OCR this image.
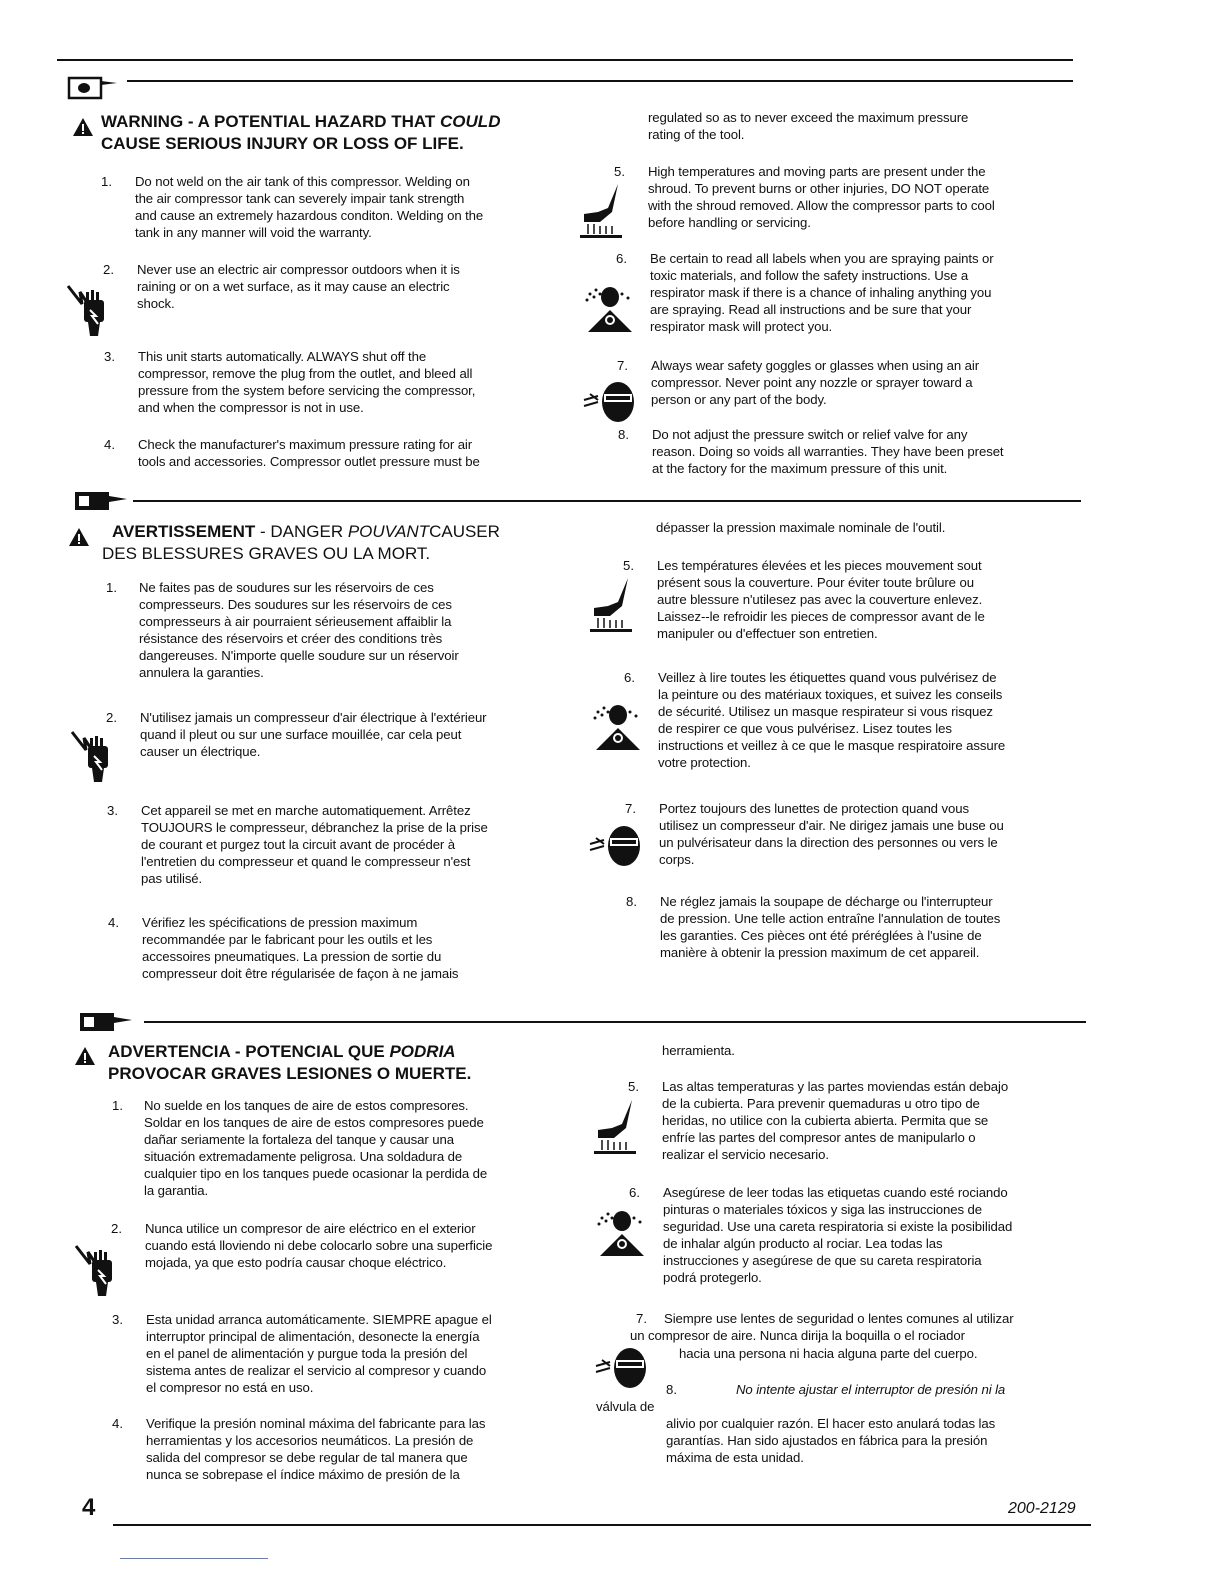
WARNING - A POTENTIAL HAZARD THAT COULD
CAUSE SERIOUS INJURY OR LOSS OF LIFE.
1. Do not weld on the air tank of this compressor. Welding on
the air compressor tank can severely impair tank strength
and cause an extremely hazardous conditon. Welding on the
tank in any manner will void the warranty.
2. Never use an electric air compressor outdoors when it is
raining or on a wet surface, as it may cause an electric
shock.
3. This unit starts automatically. ALWAYS shut off the
compressor, remove the plug from the outlet, and bleed all
pressure from the system before servicing the compressor,
and when the compressor is not in use.
4. Check the manufacturer's maximum pressure rating for air
tools and accessories. Compressor outlet pressure must be
regulated so as to never exceed the maximum pressure
rating of the tool.
5. High temperatures and moving parts are present under the
shroud. To prevent burns or other injuries, DO NOT operate
with the shroud removed. Allow the compressor parts to cool
before handling or servicing.
6. Be certain to read all labels when you are spraying paints or
toxic materials, and follow the safety instructions. Use a
respirator mask if there is a chance of inhaling anything you
are spraying. Read all instructions and be sure that your
respirator mask will protect you.
7. Always wear safety goggles or glasses when using an air
compressor. Never point any nozzle or sprayer toward a
person or any part of the body.
8. Do not adjust the pressure switch or relief valve for any
reason. Doing so voids all warranties. They have been preset
at the factory for the maximum pressure of this unit.
AVERTISSEMENT - DANGER POUVANTCAUSER
DES BLESSURES GRAVES OU LA MORT.
1. Ne faites pas de soudures sur les réservoirs de ces
compresseurs. Des soudures sur les réservoirs de ces
compresseurs à air pourraient sérieusement affaiblir la
résistance des réservoirs et créer des conditions très
dangereuses. N'importe quelle soudure sur un réservoir
annulera la garanties.
2. N'utilisez jamais un compresseur d'air électrique à l'extérieur
quand il pleut ou sur une surface mouillée, car cela peut
causer un électrique.
3. Cet appareil se met en marche automatiquement. Arrêtez
TOUJOURS le compresseur, débranchez la prise de la prise
de courant et purgez tout la circuit avant de procéder à
l'entretien du compresseur et quand le compresseur n'est
pas utilisé.
4. Vérifiez les spécifications de pression maximum
recommandée par le fabricant pour les outils et les
accessoires pneumatiques. La pression de sortie du
compresseur doit être régularisée de façon à ne jamais
dépasser la pression maximale nominale de l'outil.
5. Les températures élevées et les pieces mouvement sout
présent sous la couverture. Pour éviter toute brûlure ou
autre blessure n'utilesez pas avec la couverture enlevez.
Laissez--le refroidir les pieces de compressor avant de le
manipuler ou d'effectuer son entretien.
6. Veillez à lire toutes les étiquettes quand vous pulvérisez de
la peinture ou des matériaux toxiques, et suivez les conseils
de sécurité. Utilisez un masque respirateur si vous risquez
de respirer ce que vous pulvérisez. Lisez toutes les
instructions et veillez à ce que le masque respiratoire assure
votre protection.
7. Portez toujours des lunettes de protection quand vous
utilisez un compresseur d'air. Ne dirigez jamais une buse ou
un pulvérisateur dans la direction des personnes ou vers le
corps.
8. Ne réglez jamais la soupape de décharge ou l'interrupteur
de pression. Une telle action entraîne l'annulation de toutes
les garanties. Ces pièces ont été préréglées à l'usine de
manière à obtenir la pression maximum de cet appareil.
ADVERTENCIA - POTENCIAL QUE PODRIA
PROVOCAR GRAVES LESIONES O MUERTE.
1. No suelde en los tanques de aire de estos compresores.
Soldar en los tanques de aire de estos compresores puede
dañar seriamente la fortaleza del tanque y causar una
situación extremadamente peligrosa. Una soldadura de
cualquier tipo en los tanques puede ocasionar la perdida de
la garantia.
2. Nunca utilice un compresor de aire eléctrico en el exterior
cuando está lloviendo ni debe colocarlo sobre una superficie
mojada, ya que esto podría causar choque eléctrico.
3. Esta unidad arranca automáticamente. SIEMPRE apague el
interruptor principal de alimentación, desonecte la energía
en el panel de alimentación y purgue toda la presión del
sistema antes de realizar el servicio al compresor y cuando
el compresor no está en uso.
4. Verifique la presión nominal máxima del fabricante para las
herramientas y los accesorios neumáticos. La presión de
salida del compresor se debe regular de tal manera que
nunca se sobrepase el índice máximo de presión de la
herramienta.
5. Las altas temperaturas y las partes moviendas están debajo
de la cubierta. Para prevenir quemaduras u otro tipo de
heridas, no utilice con la cubierta abierta. Permita que se
enfríe las partes del compresor antes de manipularlo o
realizar el servicio necesario.
6. Asegúrese de leer todas las etiquetas cuando esté rociando
pinturas o materiales tóxicos y siga las instrucciones de
seguridad. Use una careta respiratoria si existe la posibilidad
de inhalar algún producto al rociar. Lea todas las
instrucciones y asegúrese de que su careta respiratoria
podrá protegerlo.
7. Siempre use lentes de seguridad o lentes comunes al utilizar
un compresor de aire. Nunca dirija la boquilla o el rociador
hacia una persona ni hacia alguna parte del cuerpo.
8.	No intente ajustar el interruptor de presión ni la
válvula de
alivio por cualquier razón. El hacer esto anulará todas las
garantías. Han sido ajustados en fábrica para la presión
máxima de esta unidad.
4	200-2129
